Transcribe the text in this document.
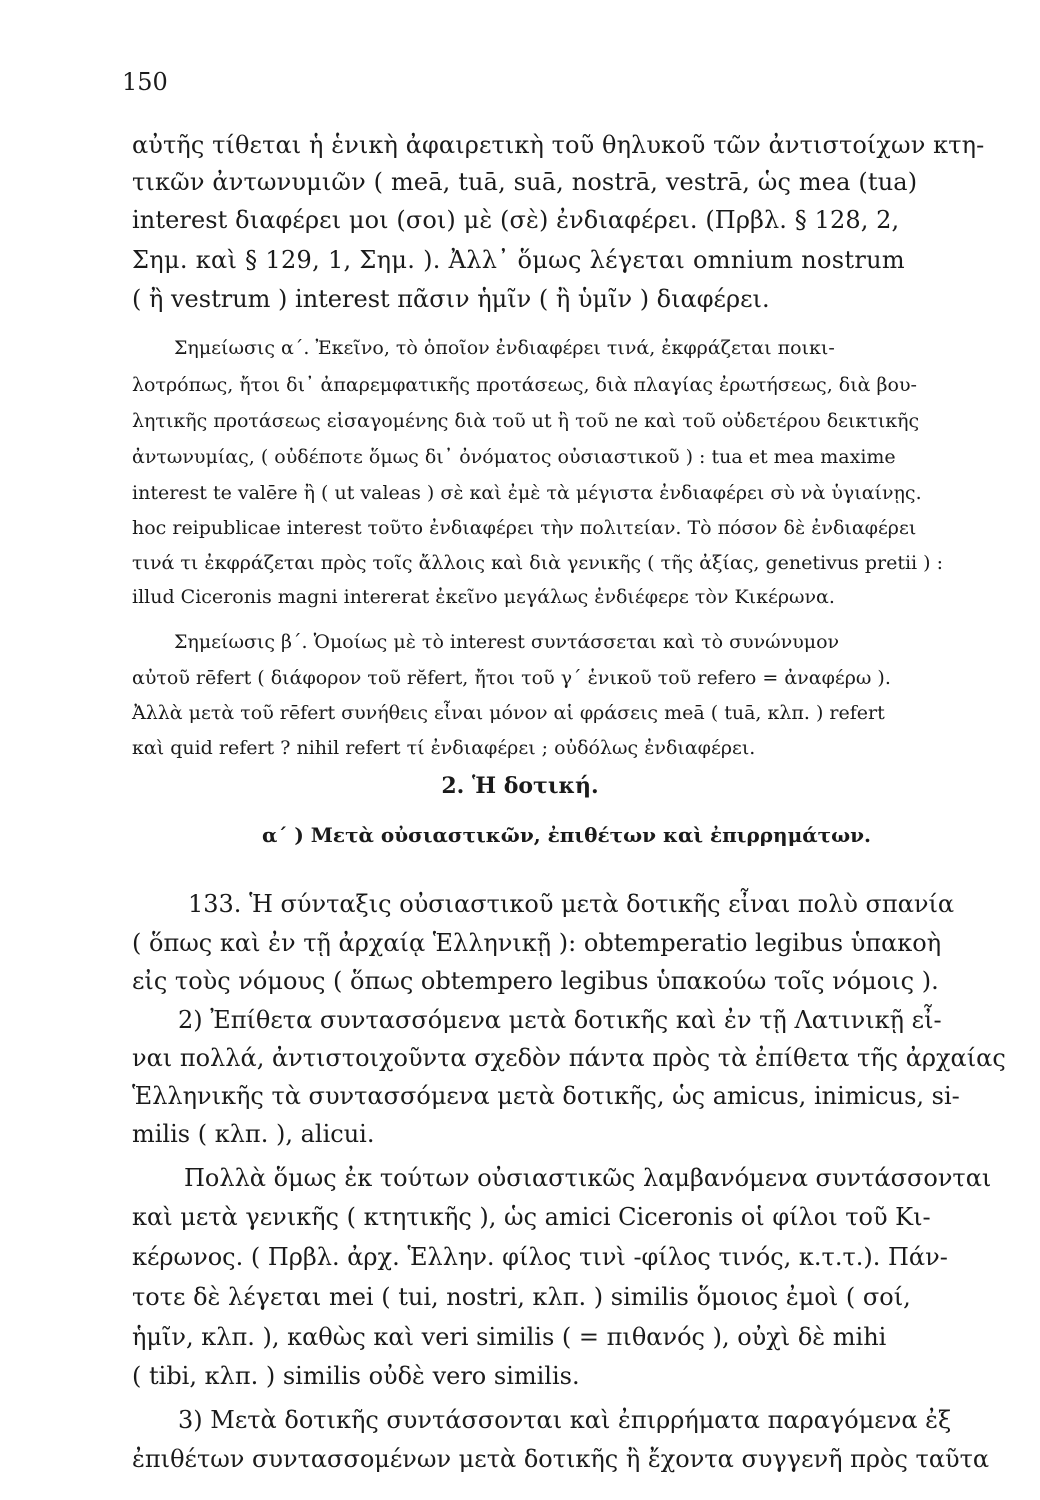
150
αὐτῆς τίθεται ἡ ἑνικὴ ἀφαιρετικὴ τοῦ θηλυκοῦ τῶν ἀντιστοίχων κτη-
τικῶν ἀντωνυμιῶν ( meā, tuā, suā, nostrā, vestrā, ὡς mea (tua)
interest διαφέρει μοι (σοι) μὲ (σὲ) ἐνδιαφέρει. (Πρβλ. § 128, 2,
Σημ. καὶ § 129, 1, Σημ. ). Ἀλλ᾽ ὅμως λέγεται omnium nostrum
( ἢ vestrum ) interest πᾶσιν ἡμῖν ( ἢ ὑμῖν ) διαφέρει.
Σημείωσις α΄. Ἐκεῖνο, τὸ ὁποῖον ἐνδιαφέρει τινά, ἐκφράζεται ποικι-
λοτρόπως, ἤτοι δι᾽ ἀπαρεμφατικῆς προτάσεως, διὰ πλαγίας ἐρωτήσεως, διὰ βου-
λητικῆς προτάσεως εἰσαγομένης διὰ τοῦ ut ἢ τοῦ ne καὶ τοῦ οὐδετέρου δεικτικῆς
ἀντωνυμίας, ( οὐδέποτε ὅμως δι᾽ ὀνόματος οὐσιαστικοῦ ) : tua et mea maxime
interest te valēre ἢ ( ut valeas ) σὲ καὶ ἐμὲ τὰ μέγιστα ἐνδιαφέρει σὺ νὰ ὑγιαίνῃς.
hoc reipublicae interest τοῦτο ἐνδιαφέρει τὴν πολιτείαν. Τὸ πόσον δὲ ἐνδιαφέρει
τινά τι ἐκφράζεται πρὸς τοῖς ἄλλοις καὶ διὰ γενικῆς ( τῆς ἀξίας, genetivus pretii ) :
illud Ciceronis magni intererat ἐκεῖνο μεγάλως ἐνδιέφερε τὸν Κικέρωνα.
Σημείωσις β΄. Ὁμοίως μὲ τὸ interest συντάσσεται καὶ τὸ συνώνυμον
αὐτοῦ rēfert ( διάφορον τοῦ rĕfert, ἤτοι τοῦ γ΄ ἑνικοῦ τοῦ refero = ἀναφέρω ).
Ἀλλὰ μετὰ τοῦ rēfert συνήθεις εἶναι μόνον αἱ φράσεις meā ( tuā, κλπ. ) refert
καὶ quid refert ? nihil refert τί ἐνδιαφέρει ; οὐδόλως ἐνδιαφέρει.
2. Ἡ δοτική.
α΄ ) Μετὰ οὐσιαστικῶν, ἐπιθέτων καὶ ἐπιρρημάτων.
133. Ἡ σύνταξις οὐσιαστικοῦ μετὰ δοτικῆς εἶναι πολὺ σπανία
( ὅπως καὶ ἐν τῇ ἀρχαίᾳ Ἑλληνικῇ ): obtemperatio legibus ὑπακοὴ
εἰς τοὺς νόμους ( ὅπως obtempero legibus ὑπακούω τοῖς νόμοις ).
2) Ἐπίθετα συντασσόμενα μετὰ δοτικῆς καὶ ἐν τῇ Λατινικῇ εἶ-
ναι πολλά, ἀντιστοιχοῦντα σχεδὸν πάντα πρὸς τὰ ἐπίθετα τῆς ἀρχαίας
Ἑλληνικῆς τὰ συντασσόμενα μετὰ δοτικῆς, ὡς amicus, inimicus, si-
milis ( κλπ. ), alicui.
Πολλὰ ὅμως ἐκ τούτων οὐσιαστικῶς λαμβανόμενα συντάσσονται
καὶ μετὰ γενικῆς ( κτητικῆς ), ὡς amici Ciceronis οἱ φίλοι τοῦ Κι-
κέρωνος. ( Πρβλ. ἀρχ. Ἑλλην. φίλος τινὶ -φίλος τινός, κ.τ.τ.). Πάν-
τοτε δὲ λέγεται mei ( tui, nostri, κλπ. ) similis ὅμοιος ἐμοὶ ( σοί,
ἡμῖν, κλπ. ), καθὼς καὶ veri similis ( = πιθανός ), οὐχὶ δὲ mihi
( tibi, κλπ. ) similis οὐδὲ vero similis.
3) Μετὰ δοτικῆς συντάσσονται καὶ ἐπιρρήματα παραγόμενα ἐξ
ἐπιθέτων συντασσομένων μετὰ δοτικῆς ἢ ἔχοντα συγγενῆ πρὸς ταῦτα
